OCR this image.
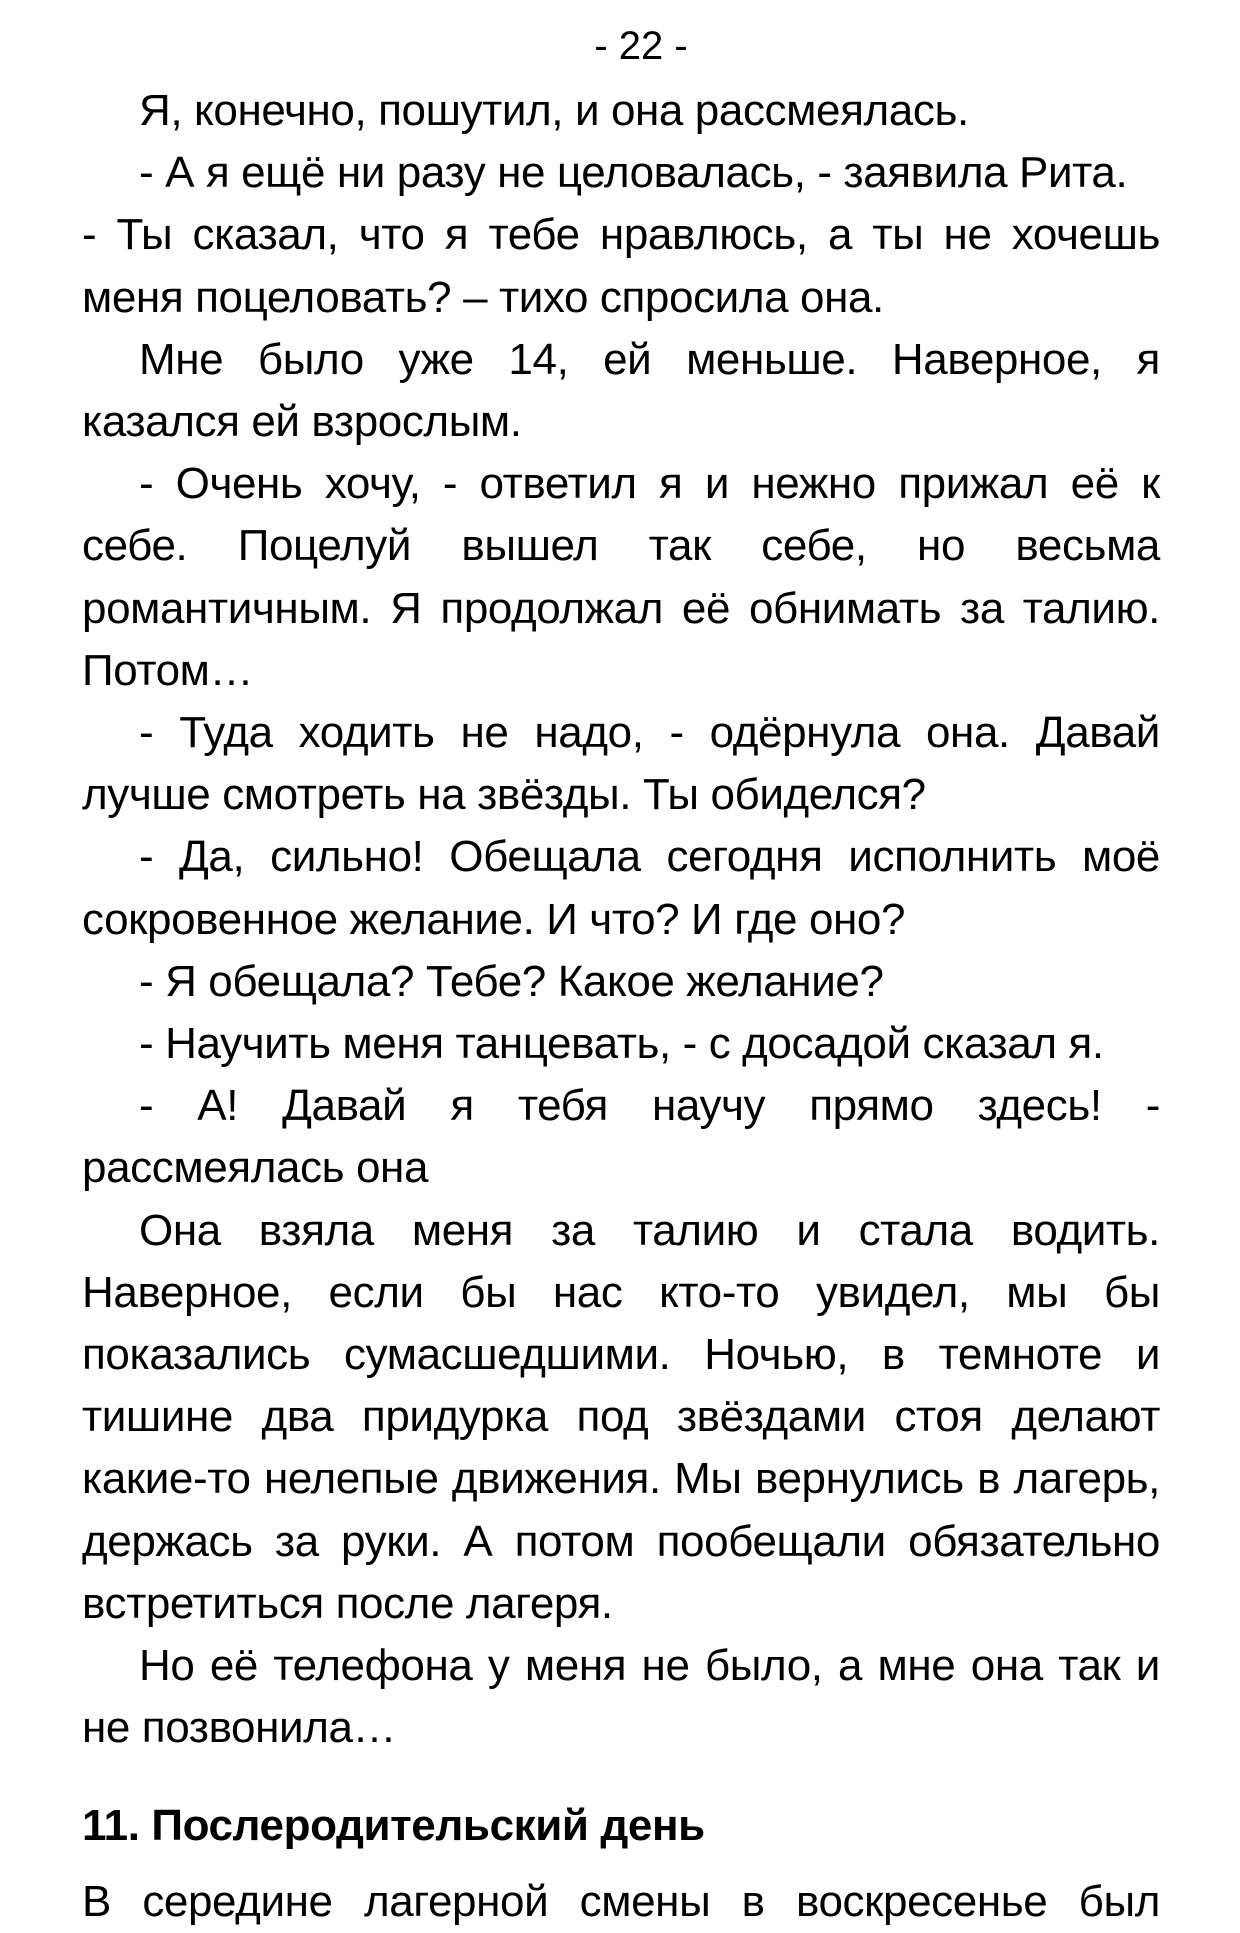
- 22 -

Я, конечно, пошутил, и она рассмеялась.

- А я ещё ни разу не целовалась, - заявила Рита.

- Ты сказал, что я тебе нравлюсь, а ты не хочешь меня поцеловать? – тихо спросила она.

Мне было уже 14, ей меньше. Наверное, я казался ей взрослым.

- Очень хочу, - ответил я и нежно прижал её к себе. Поцелуй вышел так себе, но весьма романтичным. Я продолжал её обнимать за талию. Потом…

- Туда ходить не надо, - одёрнула она. Давай лучше смотреть на звёзды. Ты обиделся?

- Да, сильно! Обещала сегодня исполнить моё сокровенное желание. И что? И где оно?

- Я обещала? Тебе? Какое желание?

- Научить меня танцевать, - с досадой сказал я.

- А! Давай я тебя научу прямо здесь! - рассмеялась она

Она взяла меня за талию и стала водить. Наверное, если бы нас кто-то увидел, мы бы показались сумасшедшими. Ночью, в темноте и тишине два придурка под звёздами стоя делают какие-то нелепые движения. Мы вернулись в лагерь, держась за руки. А потом пообещали обязательно встретиться после лагеря.

Но её телефона у меня не было, а мне она так и не позвонила…

11. Послеродительский день

В середине лагерной смены в воскресенье был
